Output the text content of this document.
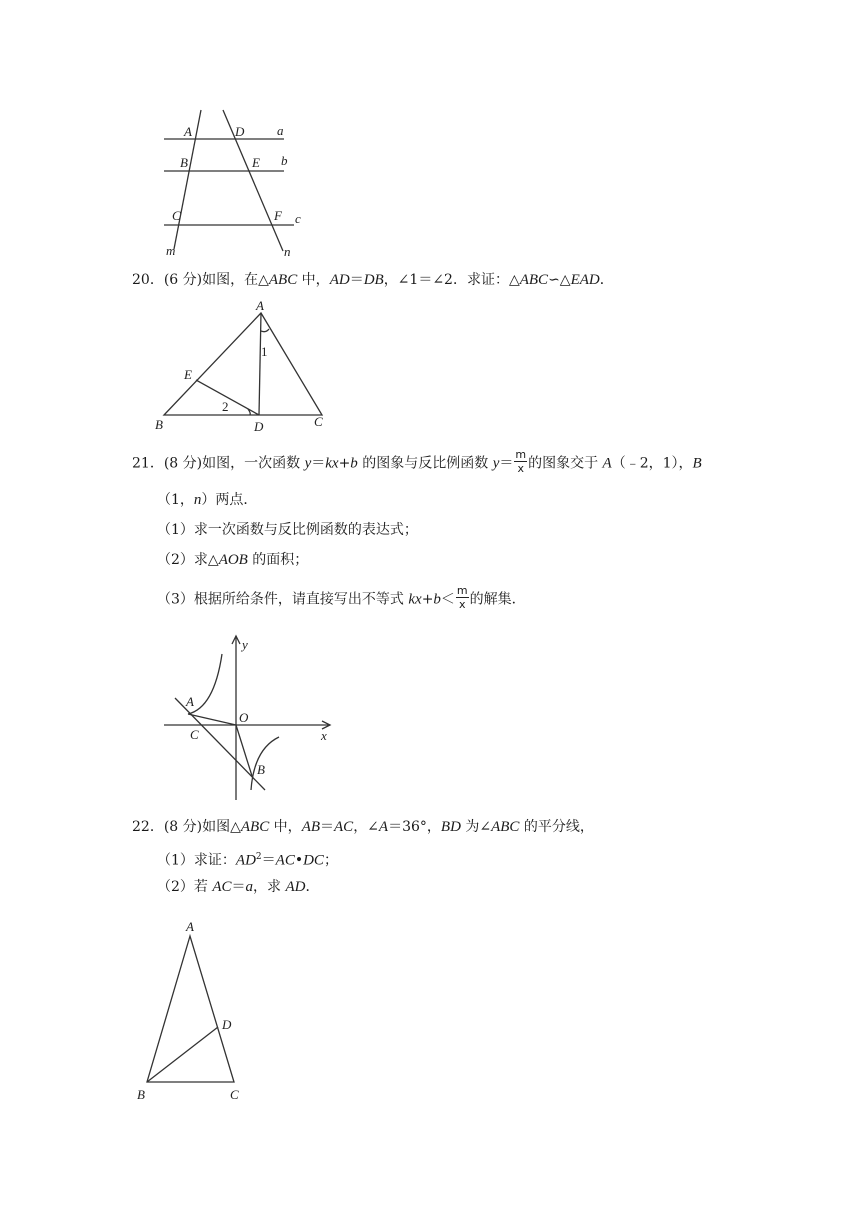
A	D	a
B	E b
C	F c
m	n
20．(6 分)如图，在△ABC 中，AD＝DB，∠1＝∠2．求证：△ABC∽△EAD．
A
E
B	D	C
1
2
21．(8 分)如图，一次函数 y＝kx+b 的图象与反比例函数 $y= \frac{m}{x}$ 的图象交于 A（﹣2，1），B
（1，n）两点．
（1）求一次函数与反比例函数的表达式；
（2）求△AOB 的面积；
（3）根据所给条件，请直接写出不等式 $kx+b< \frac{m}{x}$ 的解集．
y
x
O
A
C
B
22．(8 分)如图△ABC 中，AB＝AC，∠A＝36°，BD 为∠ABC 的平分线，
（1）求证：$AD^2=AC•DC$；
（2）若 AC＝a，求 AD．
A
D
B	C
